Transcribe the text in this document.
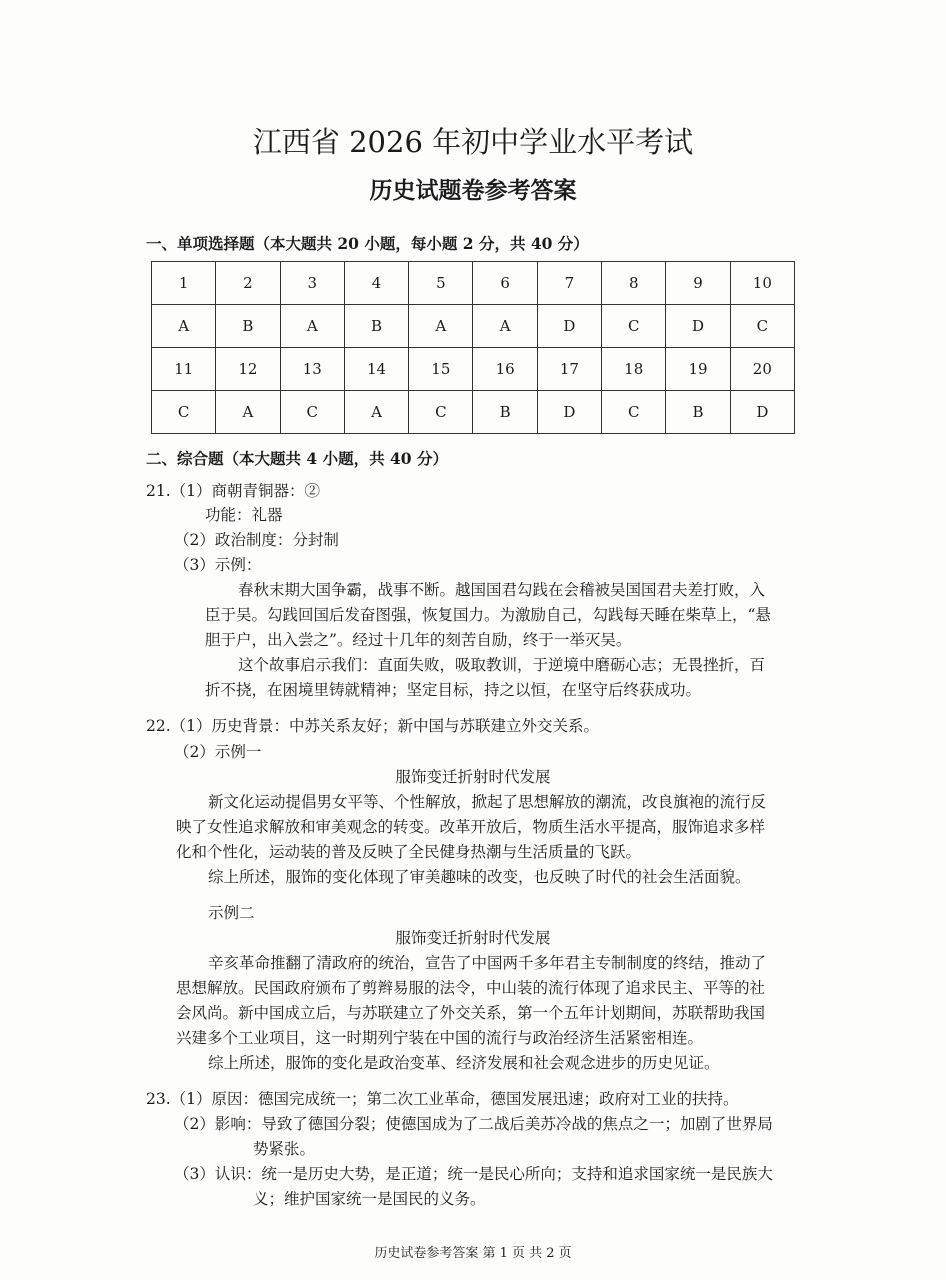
江西省 2026 年初中学业水平考试
历史试题卷参考答案
一、单项选择题（本大题共 20 小题，每小题 2 分，共 40 分）
1	2	3	4	5	6	7	8	9	10
A	B	A	B	A	A	D	C	D	C
11	12	13	14	15	16	17	18	19	20
C	A	C	A	C	B	D	C	B	D
二、综合题（本大题共 4 小题，共 40 分）
21.（1）商朝青铜器：②
功能：礼器
（2）政治制度：分封制
（3）示例：
春秋末期大国争霸，战事不断。越国国君勾践在会稽被吴国国君夫差打败，入
臣于吴。勾践回国后发奋图强，恢复国力。为激励自己，勾践每天睡在柴草上，“悬
胆于户，出入尝之”。经过十几年的刻苦自励，终于一举灭吴。
这个故事启示我们：直面失败，吸取教训，于逆境中磨砺心志；无畏挫折，百
折不挠，在困境里铸就精神；坚定目标，持之以恒，在坚守后终获成功。
22.（1）历史背景：中苏关系友好；新中国与苏联建立外交关系。
（2）示例一
服饰变迁折射时代发展
新文化运动提倡男女平等、个性解放，掀起了思想解放的潮流，改良旗袍的流行反
映了女性追求解放和审美观念的转变。改革开放后，物质生活水平提高，服饰追求多样
化和个性化，运动装的普及反映了全民健身热潮与生活质量的飞跃。
综上所述，服饰的变化体现了审美趣味的改变，也反映了时代的社会生活面貌。
示例二
服饰变迁折射时代发展
辛亥革命推翻了清政府的统治，宣告了中国两千多年君主专制制度的终结，推动了
思想解放。民国政府颁布了剪辫易服的法令，中山装的流行体现了追求民主、平等的社
会风尚。新中国成立后，与苏联建立了外交关系，第一个五年计划期间，苏联帮助我国
兴建多个工业项目，这一时期列宁装在中国的流行与政治经济生活紧密相连。
综上所述，服饰的变化是政治变革、经济发展和社会观念进步的历史见证。
23.（1）原因：德国完成统一；第二次工业革命，德国发展迅速；政府对工业的扶持。
（2）影响：导致了德国分裂；使德国成为了二战后美苏冷战的焦点之一；加剧了世界局
势紧张。
（3）认识：统一是历史大势，是正道；统一是民心所向；支持和追求国家统一是民族大
义；维护国家统一是国民的义务。
历史试卷参考答案 第 1 页 共 2 页
